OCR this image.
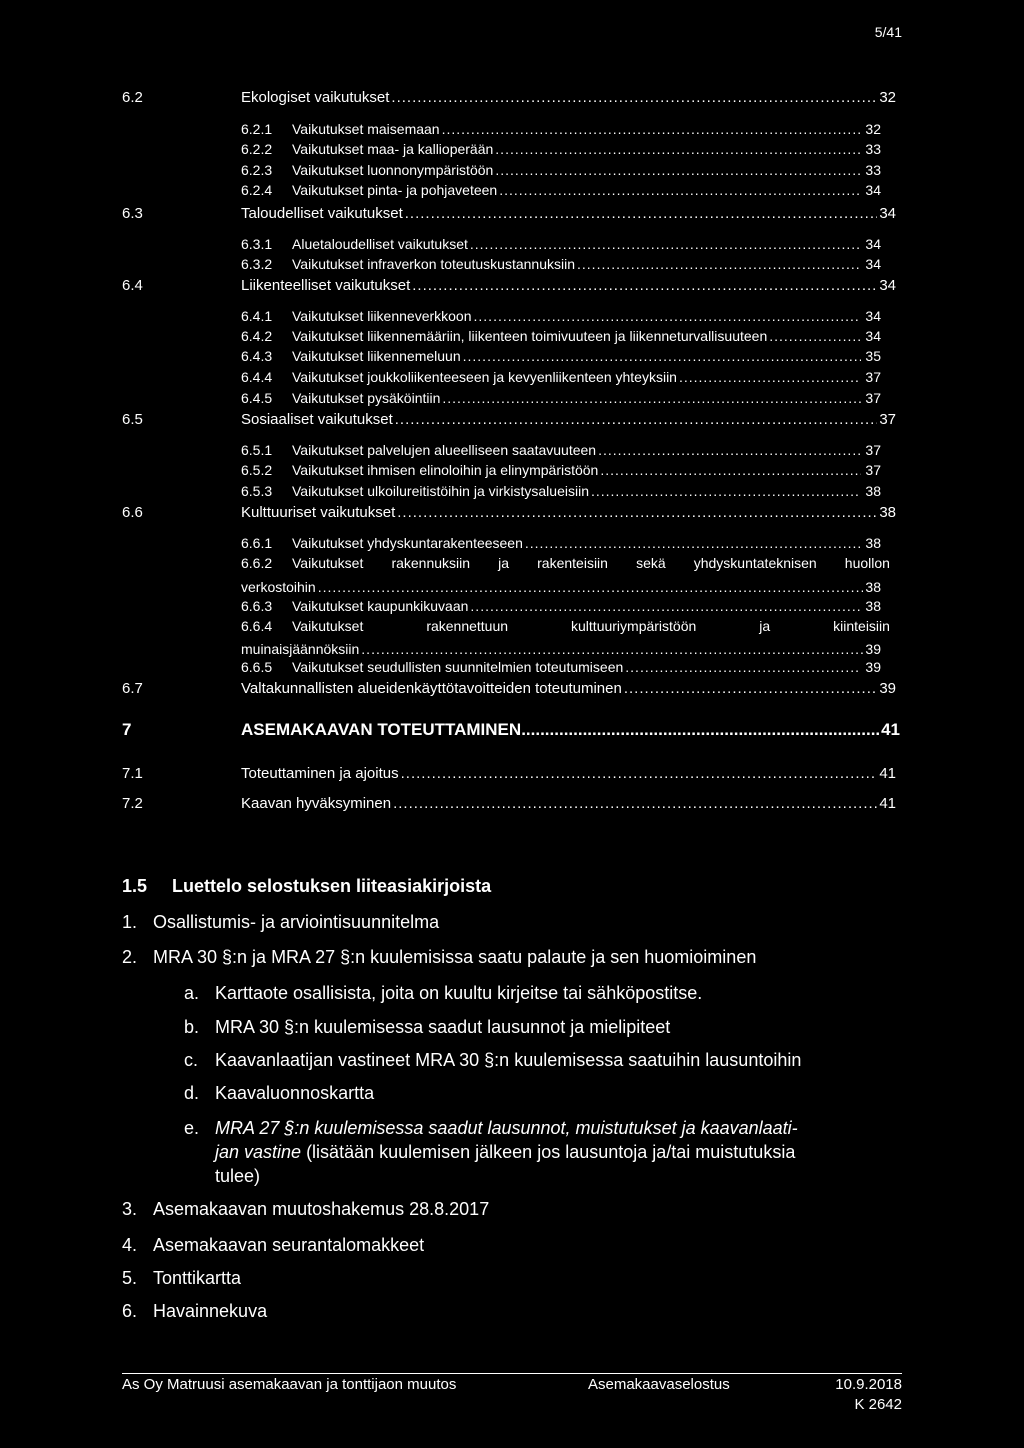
5/41
6.2	Ekologiset vaikutukset .....	32
6.2.1 Vaikutukset maisemaan .....	32
6.2.2 Vaikutukset maa- ja kallioperään .....	33
6.2.3 Vaikutukset luonnonympäristöön .....	33
6.2.4 Vaikutukset pinta- ja pohjaveteen .....	34
6.3	Taloudelliset vaikutukset .....	34
6.3.1 Aluetaloudelliset vaikutukset .....	34
6.3.2 Vaikutukset infraverkon toteutuskustannuksiin .....	34
6.4	Liikenteelliset vaikutukset .....	34
6.4.1 Vaikutukset liikenneverkkoon .....	34
6.4.2 Vaikutukset liikennemääriin, liikenteen toimivuuteen ja liikenneturvallisuuteen .....	34
6.4.3 Vaikutukset liikennemeluun .....	35
6.4.4 Vaikutukset joukkoliikenteeseen ja kevyenliikenteen yhteyksiin .....	37
6.4.5 Vaikutukset pysäköintiin .....	37
6.5	Sosiaaliset vaikutukset .....	37
6.5.1 Vaikutukset palvelujen alueelliseen saatavuuteen .....	37
6.5.2 Vaikutukset ihmisen elinoloihin ja elinympäristöön .....	37
6.5.3 Vaikutukset ulkoilureitistöihin ja virkistysalueisiin .....	38
6.6	Kulttuuriset vaikutukset .....	38
6.6.1 Vaikutukset yhdyskuntarakenteeseen .....	38
6.6.2 Vaikutukset rakennuksiin ja rakenteisiin sekä yhdyskuntateknisen huollon
verkostoihin .....	38
6.6.3 Vaikutukset kaupunkikuvaan .....	38
6.6.4 Vaikutukset	rakennettuun	kulttuuriympäristöön	ja	kiinteisiin
muinaisjäännöksiin .....	39
6.6.5 Vaikutukset seudullisten suunnitelmien toteutumiseen .....	39
6.7	Valtakunnallisten alueidenkäyttötavoitteiden toteutuminen .....	39
7	ASEMAKAAVAN TOTEUTTAMINEN .....	41
7.1	Toteuttaminen ja ajoitus .....	41
7.2	Kaavan hyväksyminen .....	41
1.5 Luettelo selostuksen liiteasiakirjoista
1. Osallistumis- ja arviointisuunnitelma
2. MRA 30 §:n ja MRA 27 §:n kuulemisissa saatu palaute ja sen huomioiminen
a. Karttaote osallisista, joita on kuultu kirjeitse tai sähköpostitse.
b. MRA 30 §:n kuulemisessa saadut lausunnot ja mielipiteet
c. Kaavanlaatijan vastineet MRA 30 §:n kuulemisessa saatuihin lausuntoihin
d. Kaavaluonnoskartta
e. MRA 27 §:n kuulemisessa saadut lausunnot, muistutukset ja kaavanlaati-
jan vastine (lisätään kuulemisen jälkeen jos lausuntoja ja/tai muistutuksia
tulee)
3. Asemakaavan muutoshakemus 28.8.2017
4. Asemakaavan seurantalomakkeet
5. Tonttikartta
6. Havainnekuva
As Oy Matruusi asemakaavan ja tonttijaon muutos	Asemakaavaselostus	10.9.2018
K 2642
